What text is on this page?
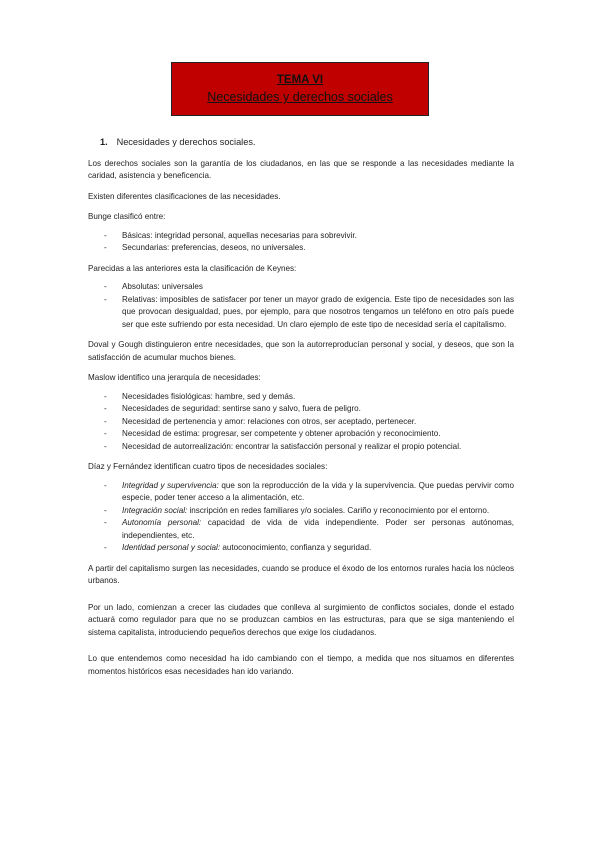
TEMA VI
Necesidades y derechos sociales
1. Necesidades y derechos sociales.

Los derechos sociales son la garantía de los ciudadanos, en las que se responde a las necesidades mediante la caridad, asistencia y beneficencia.

Existen diferentes clasificaciones de las necesidades.

Bunge clasificó entre:

- Básicas: integridad personal, aquellas necesarias para sobrevivir.
- Secundarias: preferencias, deseos, no universales.

Parecidas a las anteriores esta la clasificación de Keynes:

- Absolutas: universales
- Relativas: imposibles de satisfacer por tener un mayor grado de exigencia. Este tipo de necesidades son las que provocan desigualdad, pues, por ejemplo, para que nosotros tengamos un teléfono en otro país puede ser que este sufriendo por esta necesidad. Un claro ejemplo de este tipo de necesidad sería el capitalismo.

Doval y Gough distinguieron entre necesidades, que son la autorreproducían personal y social, y deseos, que son la satisfacción de acumular muchos bienes.

Maslow identifico una jerarquía de necesidades:

- Necesidades fisiológicas: hambre, sed y demás.
- Necesidades de seguridad: sentirse sano y salvo, fuera de peligro.
- Necesidad de pertenencia y amor: relaciones con otros, ser aceptado, pertenecer.
- Necesidad de estima: progresar, ser competente y obtener aprobación y reconocimiento.
- Necesidad de autorrealización: encontrar la satisfacción personal y realizar el propio potencial.

Díaz y Fernández identifican cuatro tipos de necesidades sociales:

- Integridad y supervivencia: que son la reproducción de la vida y la supervivencia. Que puedas pervivir como especie, poder tener acceso a la alimentación, etc.
- Integración social: inscripción en redes familiares y/o sociales. Cariño y reconocimiento por el entorno.
- Autonomía personal: capacidad de vida de vida independiente. Poder ser personas autónomas, independientes, etc.
- Identidad personal y social: autoconocimiento, confianza y seguridad.

A partir del capitalismo surgen las necesidades, cuando se produce el éxodo de los entornos rurales hacia los núcleos urbanos.

Por un lado, comienzan a crecer las ciudades que conlleva al surgimiento de conflictos sociales, donde el estado actuará como regulador para que no se produzcan cambios en las estructuras, para que se siga manteniendo el sistema capitalista, introduciendo pequeños derechos que exige los ciudadanos.

Lo que entendemos como necesidad ha ido cambiando con el tiempo, a medida que nos situamos en diferentes momentos históricos esas necesidades han ido variando.
